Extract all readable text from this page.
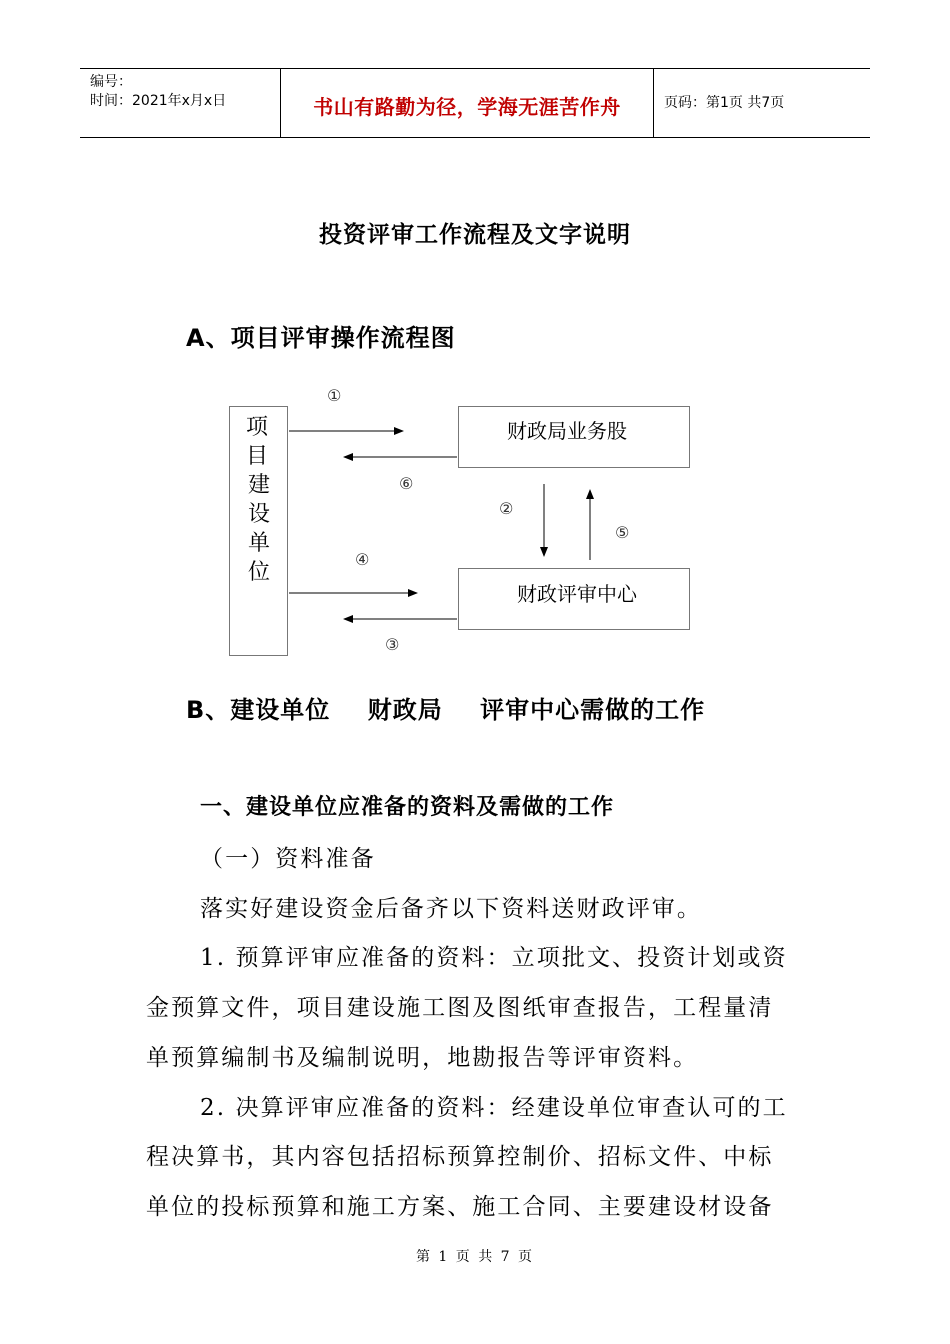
编号：
时间：2021年x月x日	书山有路勤为径，学海无涯苦作舟	页码：第1页 共7页
投资评审工作流程及文字说明
A、项目评审操作流程图
项
目
建
设
单
位
财政局业务股
财政评审中心
①
⑥
②
⑤
④
③
B、建设单位    财政局    评审中心需做的工作
一、建设单位应准备的资料及需做的工作
（一）资料准备
落实好建设资金后备齐以下资料送财政评审。
1. 预算评审应准备的资料：立项批文、投资计划或资
金预算文件，项目建设施工图及图纸审查报告，工程量清
单预算编制书及编制说明，地勘报告等评审资料。
2. 决算评审应准备的资料：经建设单位审查认可的工
程决算书，其内容包括招标预算控制价、招标文件、中标
单位的投标预算和施工方案、施工合同、主要建设材设备
第 1 页 共 7 页
